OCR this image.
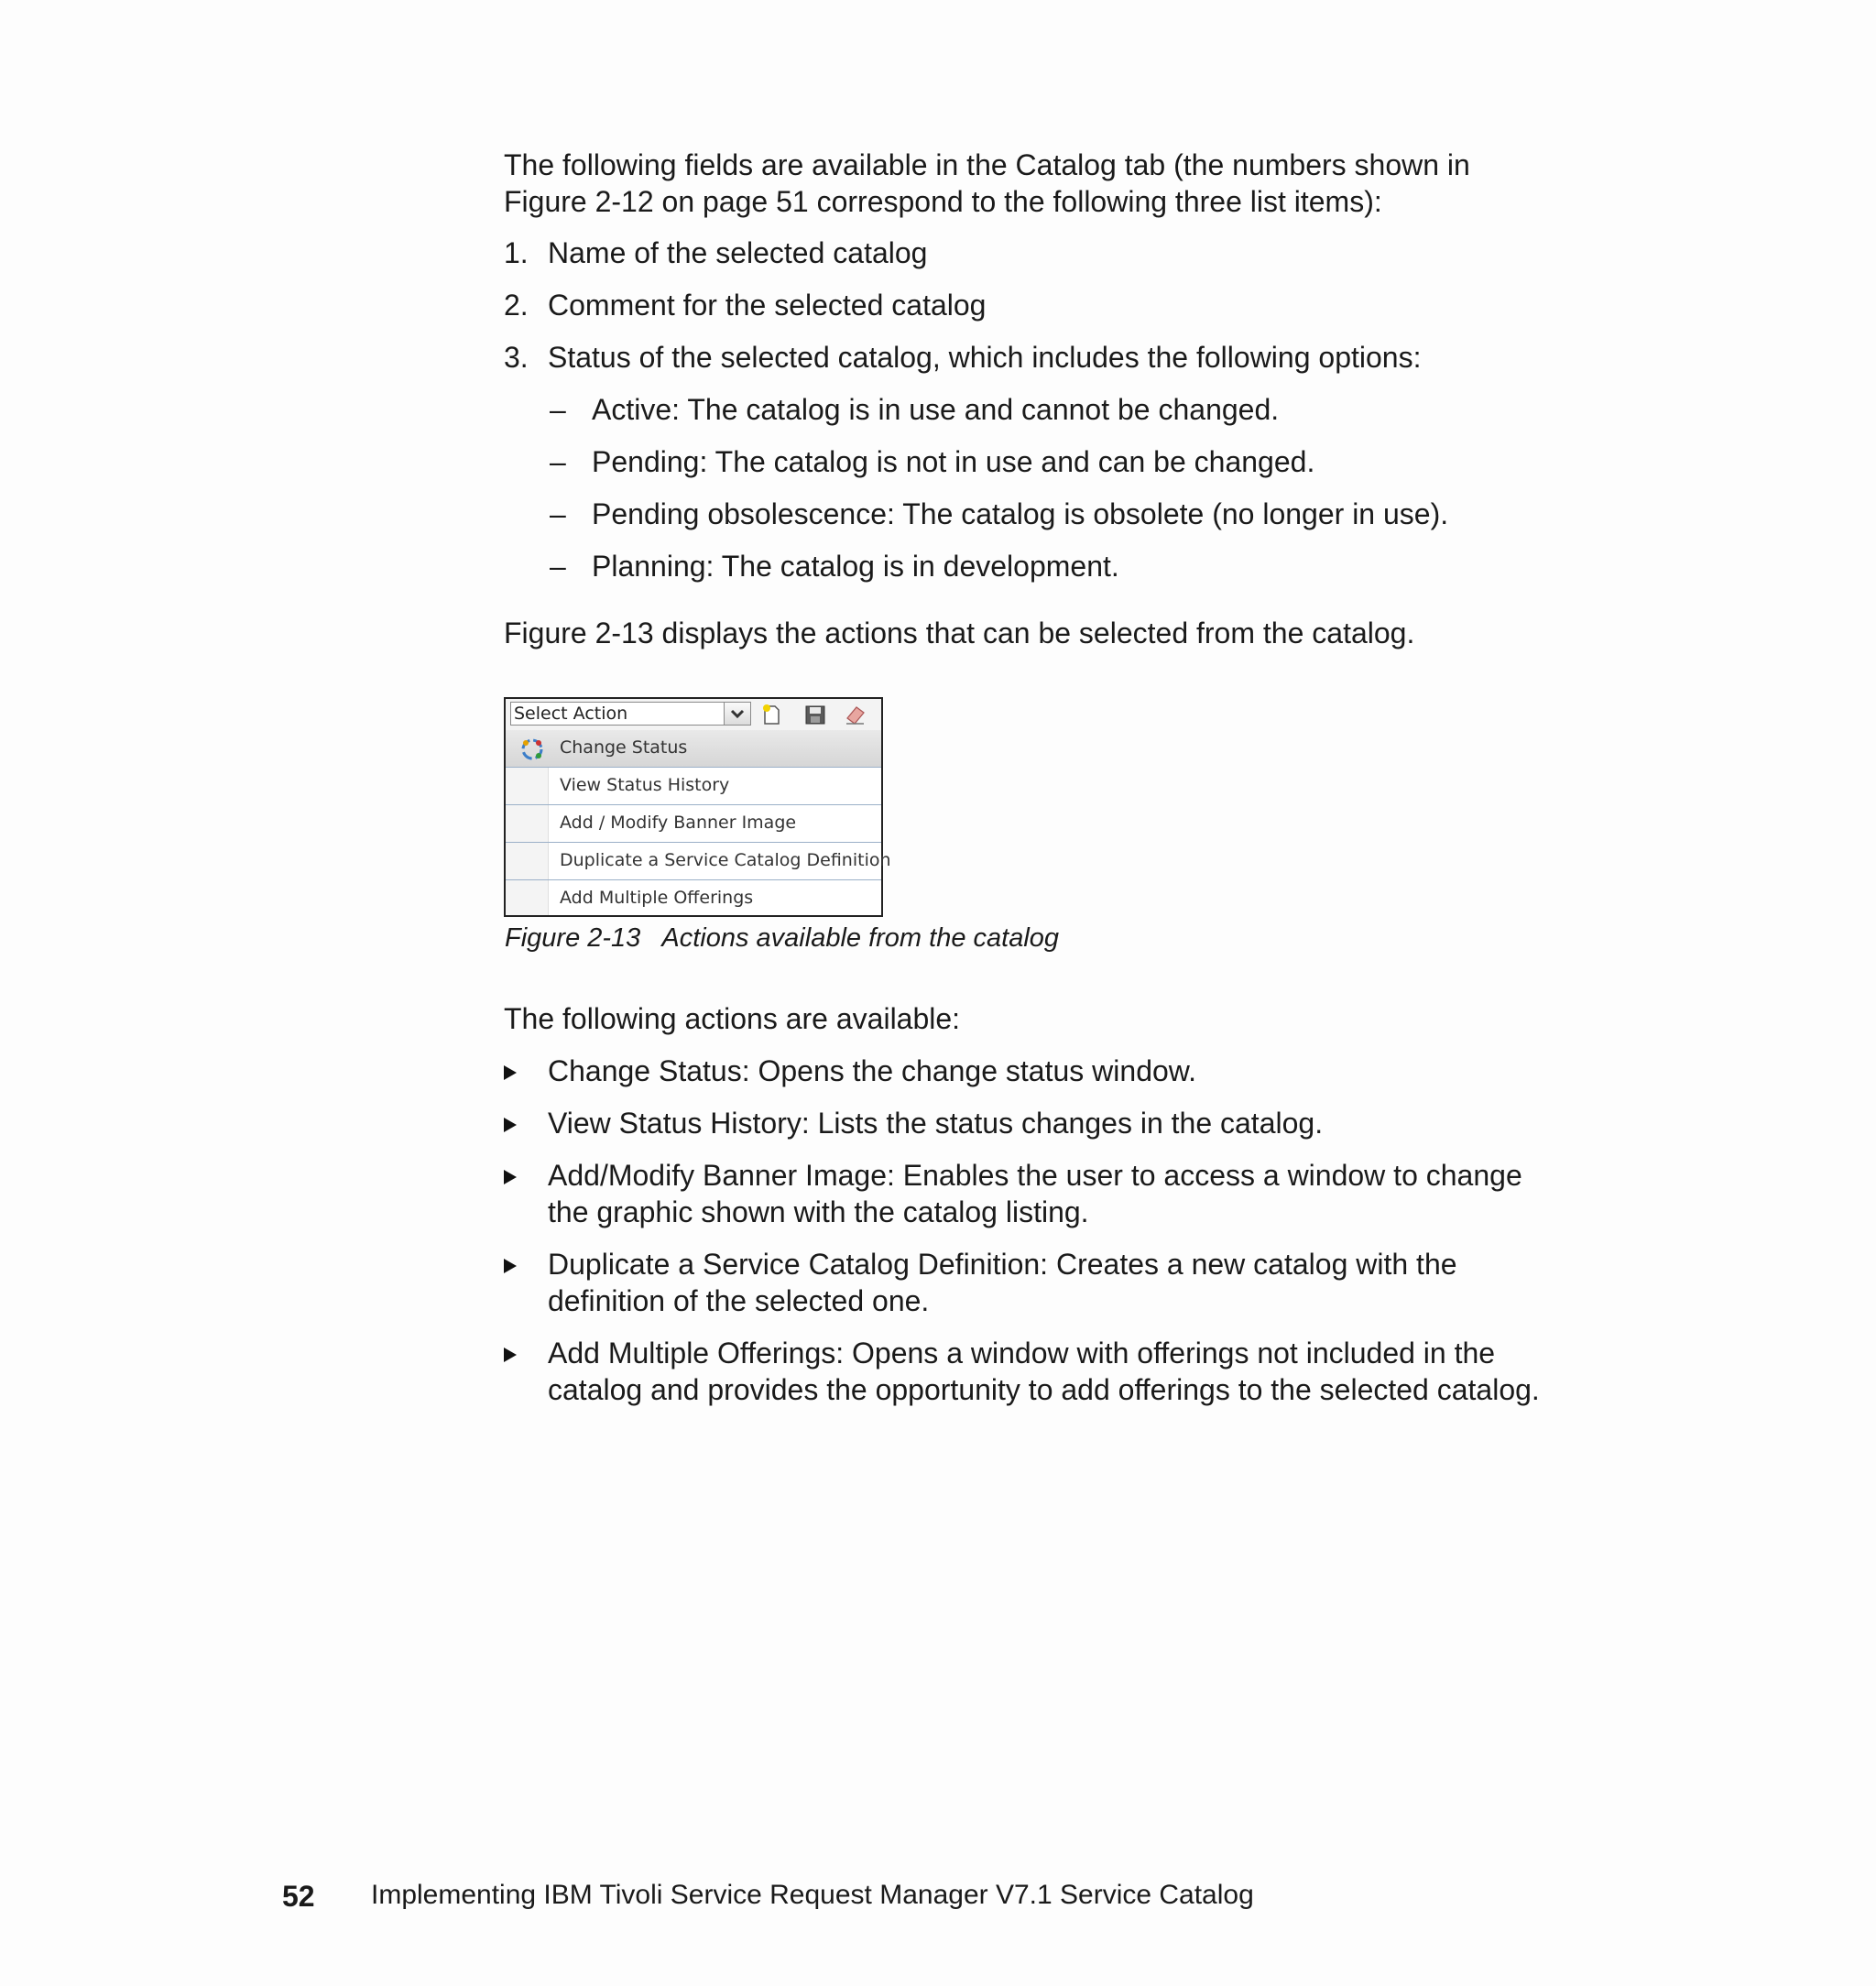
The following fields are available in the Catalog tab (the numbers shown in

Figure 2-12 on page 51 correspond to the following three list items):

1. Name of the selected catalog
2. Comment for the selected catalog
3. Status of the selected catalog, which includes the following options:
– Active: The catalog is in use and cannot be changed.
– Pending: The catalog is not in use and can be changed.
– Pending obsolescence: The catalog is obsolete (no longer in use).
– Planning: The catalog is in development.

Figure 2-13 displays the actions that can be selected from the catalog.

Select Action
Change Status
View Status History
Add / Modify Banner Image
Duplicate a Service Catalog Definition
Add Multiple Offerings
Figure 2-13   Actions available from the catalog

The following actions are available:

Change Status: Opens the change status window.

View Status History: Lists the status changes in the catalog.

Add/Modify Banner Image: Enables the user to access a window to change

the graphic shown with the catalog listing.

Duplicate a Service Catalog Definition: Creates a new catalog with the

definition of the selected one.

Add Multiple Offerings: Opens a window with offerings not included in the

catalog and provides the opportunity to add offerings to the selected catalog.

52 Implementing IBM Tivoli Service Request Manager V7.1 Service Catalog
